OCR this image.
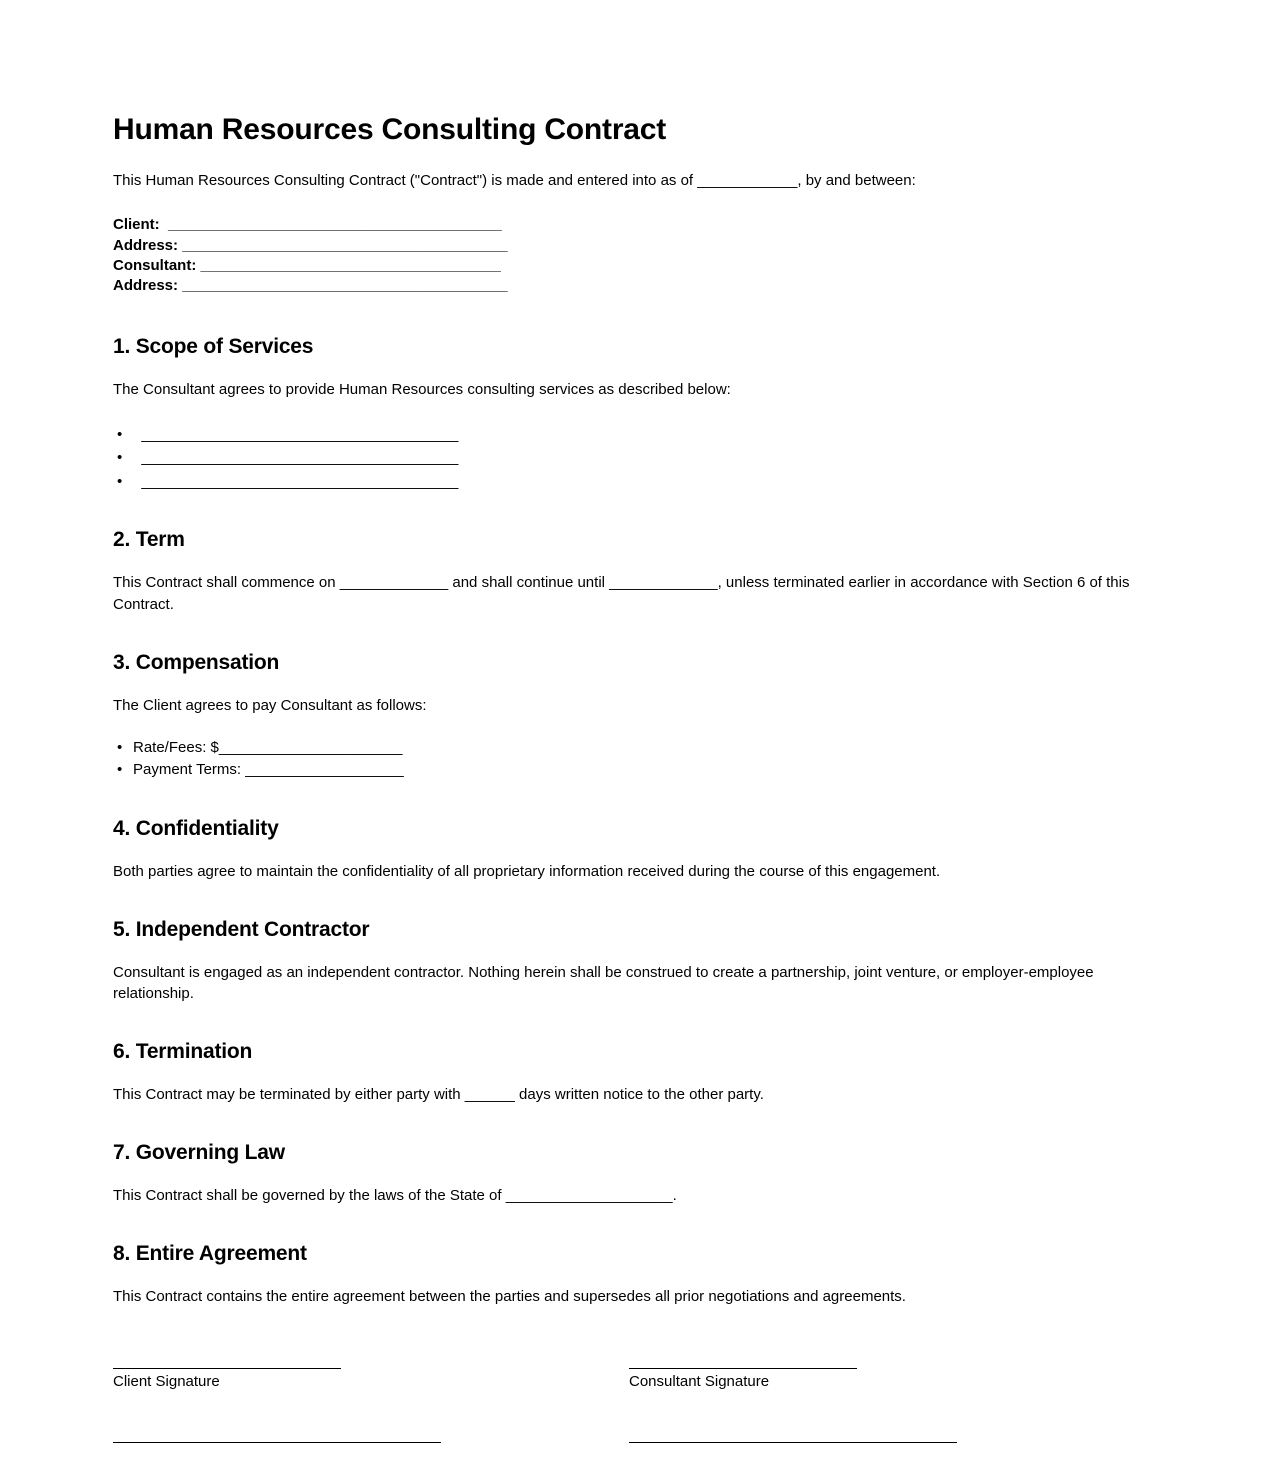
Human Resources Consulting Contract

This Human Resources Consulting Contract ("Contract") is made and entered into as of ____________, by and between:

Client:  ________________________________________
Address: _______________________________________
Consultant: ____________________________________
Address: _______________________________________
1. Scope of Services

The Consultant agrees to provide Human Resources consulting services as described below:

•   ______________________________________
•   ______________________________________
•   ______________________________________
2. Term

This Contract shall commence on _____________ and shall continue until _____________, unless terminated earlier in accordance with Section 6 of this Contract.

3. Compensation

The Client agrees to pay Consultant as follows:

• Rate/Fees: $______________________
• Payment Terms: ___________________
4. Confidentiality

Both parties agree to maintain the confidentiality of all proprietary information received during the course of this engagement.

5. Independent Contractor

Consultant is engaged as an independent contractor. Nothing herein shall be construed to create a partnership, joint venture, or employer-employee relationship.

6. Termination

This Contract may be terminated by either party with ______ days written notice to the other party.

7. Governing Law

This Contract shall be governed by the laws of the State of ____________________.

8. Entire Agreement

This Contract contains the entire agreement between the parties and supersedes all prior negotiations and agreements.

Client Signature	Consultant Signature
